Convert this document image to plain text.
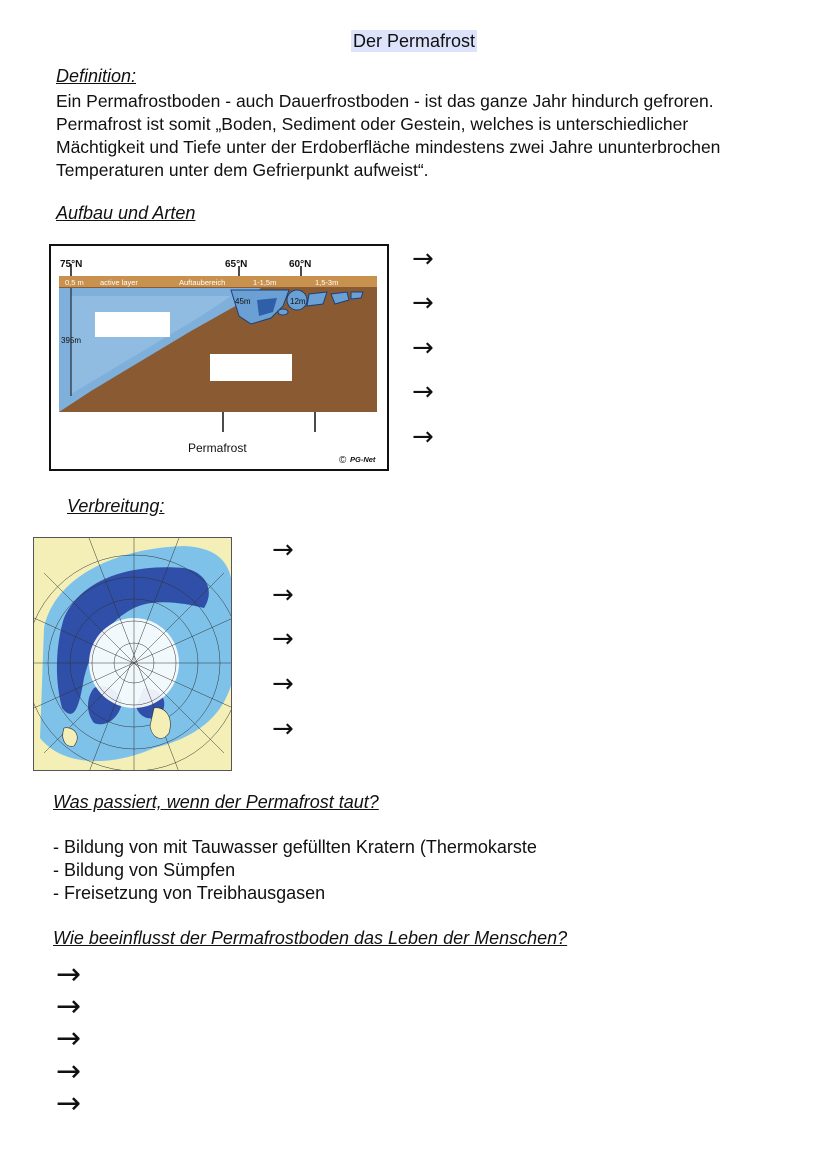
Der Permafrost
Definition:
Ein Permafrostboden - auch Dauerfrostboden - ist das ganze Jahr hindurch gefroren.
Permafrost ist somit „Boden, Sediment oder Gestein, welches is unterschiedlicher
Mächtigkeit und Tiefe unter der Erdoberfläche mindestens zwei Jahre ununterbrochen
Temperaturen unter dem Gefrierpunkt aufweist“.
Aufbau und Arten
75°N	65°N	60°N
0,5 m active layer	Auftaubereich	1-1,5m	1,5-3m
45m	12m
395m
Permafrost
© PG-Net
→
→
→
→
→
Verbreitung:
→
→
→
→
→
Was passiert, wenn der Permafrost taut?
- Bildung von mit Tauwasser gefüllten Kratern (Thermokarste
- Bildung von Sümpfen
- Freisetzung von Treibhausgasen
Wie beeinflusst der Permafrostboden das Leben der Menschen?
→
→
→
→
→
